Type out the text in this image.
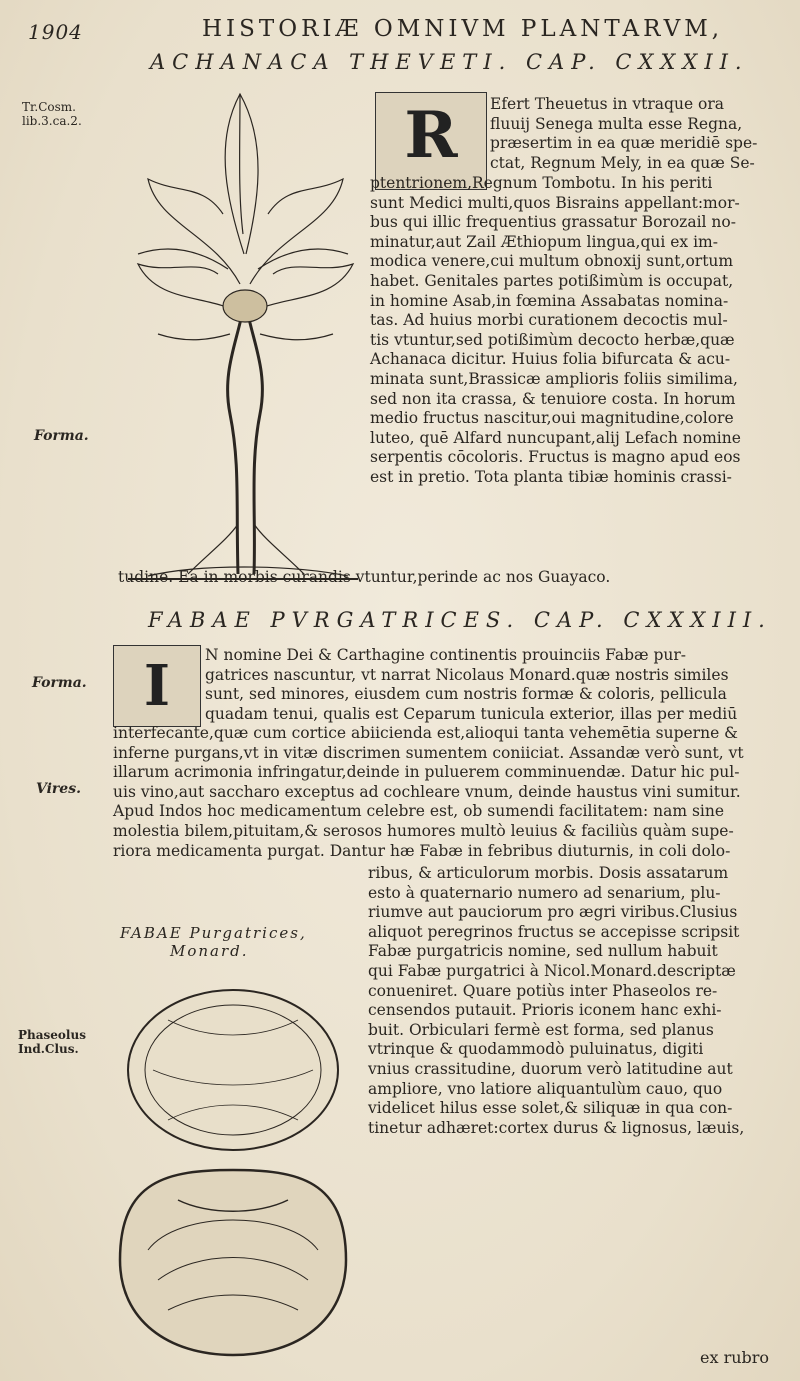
1904	HISTORIÆ OMNIVM PLANTARVM,
ACHANACA THEVETI. CAP. CXXXII.
Tr.Cosm.
lib.3.ca.2.
Forma.
R	Efert Theuetus in vtraque ora

fluuij Senega multa esse Regna,

præsertim in ea quæ meridiē spe-

ctat, Regnum Mely, in ea quæ Se-

ptentrionem,Regnum Tombotu. In his periti

sunt Medici multi,quos Bisrains appellant:mor-

bus qui illic frequentius grassatur Borozail no-

minatur,aut Zail Æthiopum lingua,qui ex im-

modica venere,cui multum obnoxij sunt,ortum

habet. Genitales partes potißimùm is occupat,

in homine Asab,in fœmina Assabatas nomina-

tas. Ad huius morbi curationem decoctis mul-

tis vtuntur,sed potißimùm decocto herbæ,quæ

Achanaca dicitur. Huius folia bifurcata & acu-

minata sunt,Brassicæ amplioris foliis similima,

sed non ita crassa, & tenuiore costa. In horum

medio fructus nascitur,oui magnitudine,colore

luteo, quē Alfard nuncupant,alij Lefach nomine

serpentis cōcoloris. Fructus is magno apud eos

est in pretio. Tota planta tibiæ hominis crassi-

tudine. Ea in morbis curandis vtuntur,perinde ac nos Guayaco.

FABAE PVRGATRICES. CAP. CXXXIII.
Forma.
Vires.
Phaseolus
Ind.Clus.
I	N nomine Dei & Carthagine continentis prouinciis Fabæ pur-

gatrices nascuntur, vt narrat Nicolaus Monard.quæ nostris similes

sunt, sed minores, eiusdem cum nostris formæ & coloris, pellicula

quadam tenui, qualis est Ceparum tunicula exterior, illas per mediū

interfecante,quæ cum cortice abiicienda est,alioqui tanta vehemētia superne &

inferne purgans,vt in vitæ discrimen sumentem coniiciat. Assandæ verò sunt, vt

illarum acrimonia infringatur,deinde in puluerem comminuendæ. Datur hic pul-

uis vino,aut saccharo exceptus ad cochleare vnum, deinde haustus vini sumitur.

Apud Indos hoc medicamentum celebre est, ob sumendi facilitatem: nam sine

molestia bilem,pituitam,& serosos humores multò leuius & faciliùs quàm supe-

riora medicamenta purgat. Dantur hæ Fabæ in febribus diuturnis, in coli dolo-

FABAE Purgatrices,
Monard.

ribus, & articulorum morbis. Dosis assatarum

esto à quaternario numero ad senarium, plu-

riumve aut pauciorum pro ægri viribus.Clusius

aliquot peregrinos fructus se accepisse scripsit

Fabæ purgatricis nomine, sed nullum habuit

qui Fabæ purgatrici à Nicol.Monard.descriptæ

conueniret. Quare potiùs inter Phaseolos re-

censendos putauit. Prioris iconem hanc exhi-

buit. Orbiculari fermè est forma, sed planus

vtrinque & quodammodò puluinatus, digiti

vnius crassitudine, duorum verò latitudine aut

ampliore, vno latiore aliquantulùm cauo, quo

videlicet hilus esse solet,& siliquæ in qua con-

tinetur adhæret:cortex durus & lignosus, læuis,

ex rubro
